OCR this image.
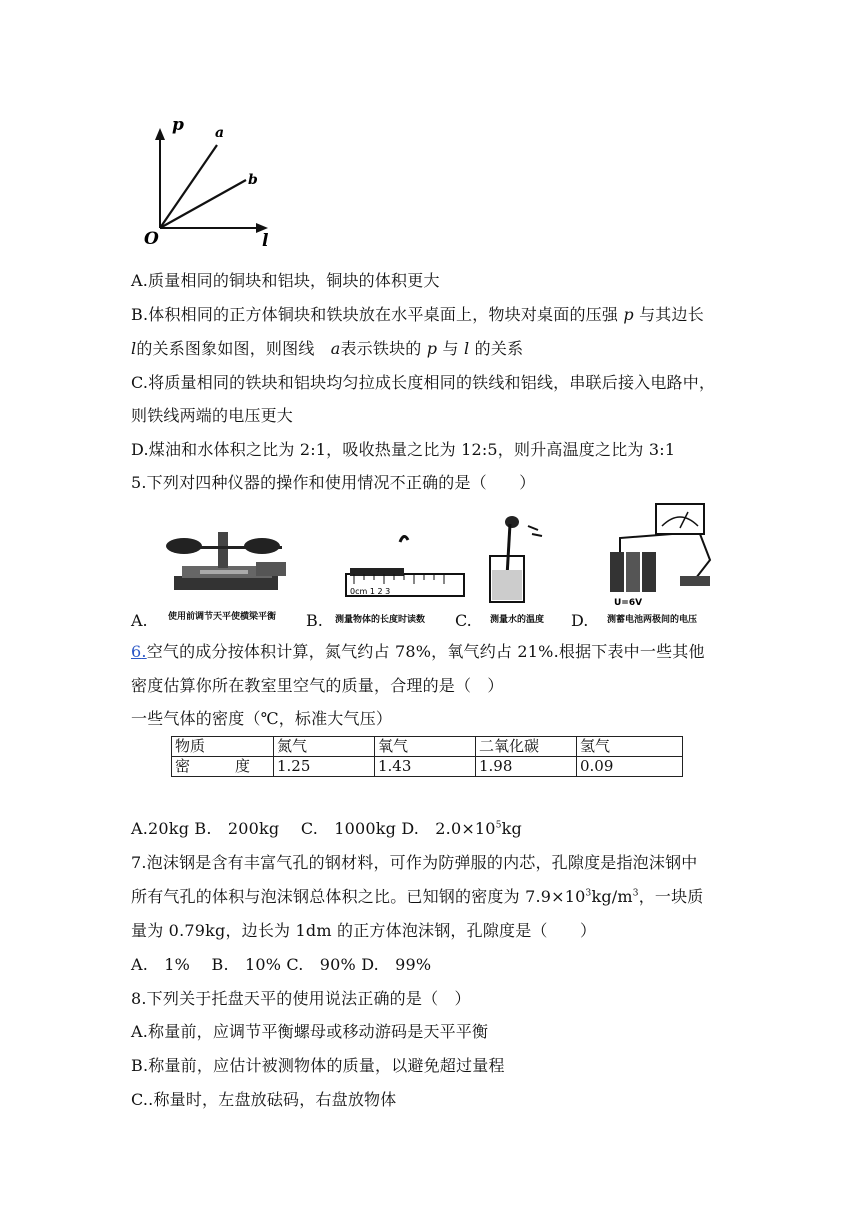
p
l
O
a
b
A.质量相同的铜块和铝块，铜块的体积更大
B.体积相同的正方体铜块和铁块放在水平桌面上，物块对桌面的压强 p 与其边长
l的关系图象如图，则图线　 a表示铁块的 p 与 l 的关系
C.将质量相同的铁块和铝块均匀拉成长度相同的铁线和铝线，串联后接入电路中，
则铁线两端的电压更大
D.煤油和水体积之比为 2:1，吸收热量之比为 12:5，则升高温度之比为 3:1
5.下列对四种仪器的操作和使用情况不正确的是（　　）
使用前调节天平使横梁平衡
A.
0cm 1 2 3
测量物体的长度时读数
B.	测量水的温度
C.
U=6V
测蓄电池两极间的电压
D.
6.空气的成分按体积计算，氮气约占 78%，氧气约占 21%.根据下表中一些其他
密度估算你所在教室里空气的质量，合理的是（　）
一些气体的密度（℃，标准大气压）
物质	氮气	氧气	二氧化碳	氢气
密　　　度	1.25	1.43	1.98	0.09
A.20kg B.　200kg　 C.　1000kg D.　$2.0\times 10^5kg$
7.泡沫钢是含有丰富气孔的钢材料，可作为防弹服的内芯，孔隙度是指泡沫钢中
所有气孔的体积与泡沫钢总体积之比。已知钢的密度为 $7.9\times 10^3kg/m^3$，一块质
量为 0.79kg，边长为 1dm 的正方体泡沫钢，孔隙度是（　　）
A.　1%　 B.　10% C.　90% D.　99%
8.下列关于托盘天平的使用说法正确的是（　）
A.称量前，应调节平衡螺母或移动游码是天平平衡
B.称量前，应估计被测物体的质量，以避免超过量程
C..称量时，左盘放砝码，右盘放物体
